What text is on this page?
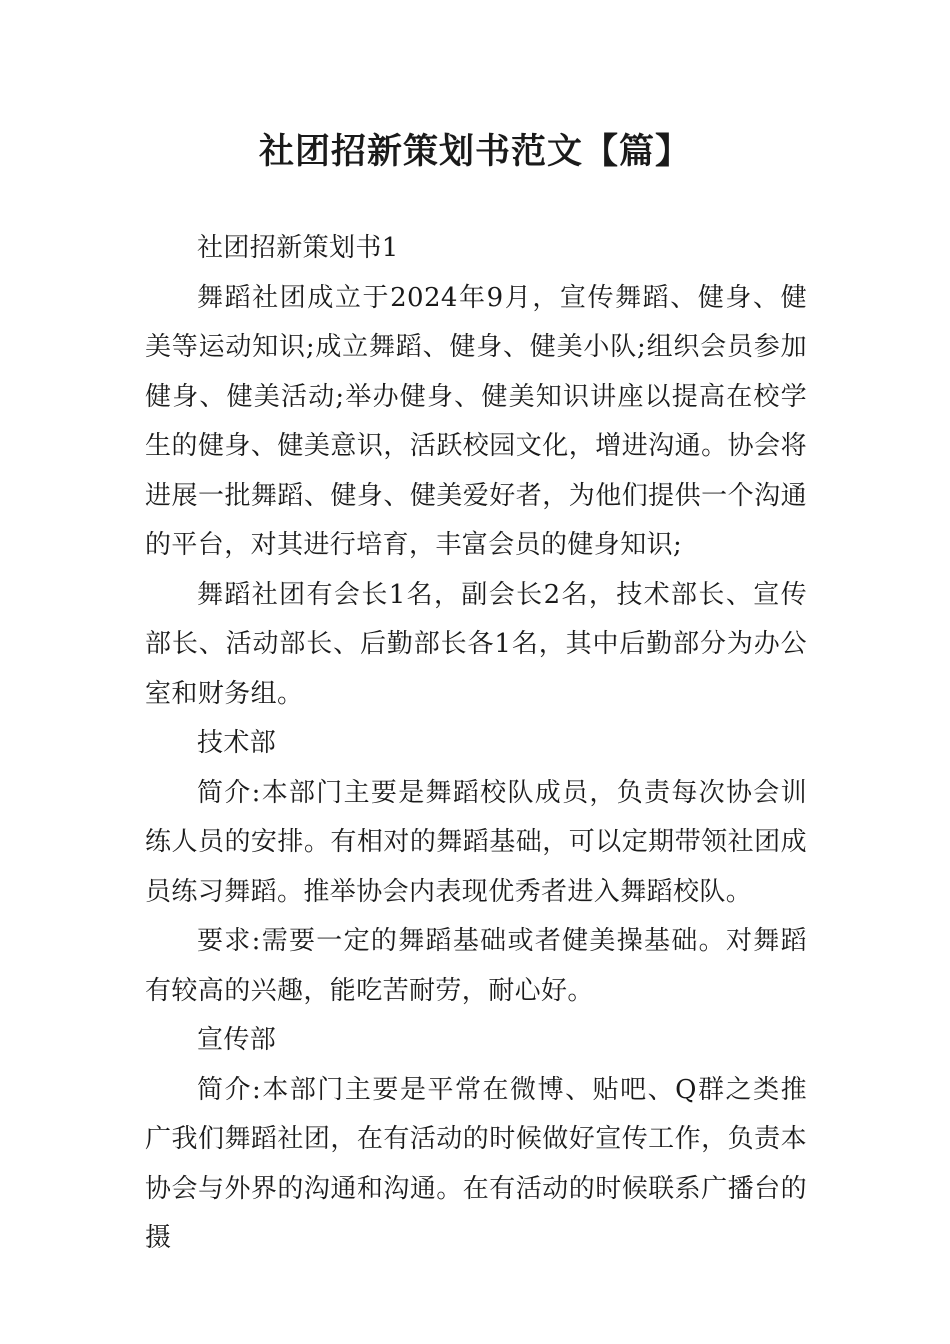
社团招新策划书范文【篇】

社团招新策划书1

舞蹈社团成立于2024年9月，宣传舞蹈、健身、健美等运动知识;成立舞蹈、健身、健美小队;组织会员参加健身、健美活动;举办健身、健美知识讲座以提高在校学生的健身、健美意识，活跃校园文化，增进沟通。协会将进展一批舞蹈、健身、健美爱好者，为他们提供一个沟通的平台，对其进行培育，丰富会员的健身知识;

舞蹈社团有会长1名，副会长2名，技术部长、宣传部长、活动部长、后勤部长各1名，其中后勤部分为办公室和财务组。

技术部

简介:本部门主要是舞蹈校队成员，负责每次协会训练人员的安排。有相对的舞蹈基础，可以定期带领社团成员练习舞蹈。推举协会内表现优秀者进入舞蹈校队。

要求:需要一定的舞蹈基础或者健美操基础。对舞蹈有较高的兴趣，能吃苦耐劳，耐心好。

宣传部

简介:本部门主要是平常在微博、贴吧、Q群之类推广我们舞蹈社团，在有活动的时候做好宣传工作，负责本协会与外界的沟通和沟通。在有活动的时候联系广播台的摄
